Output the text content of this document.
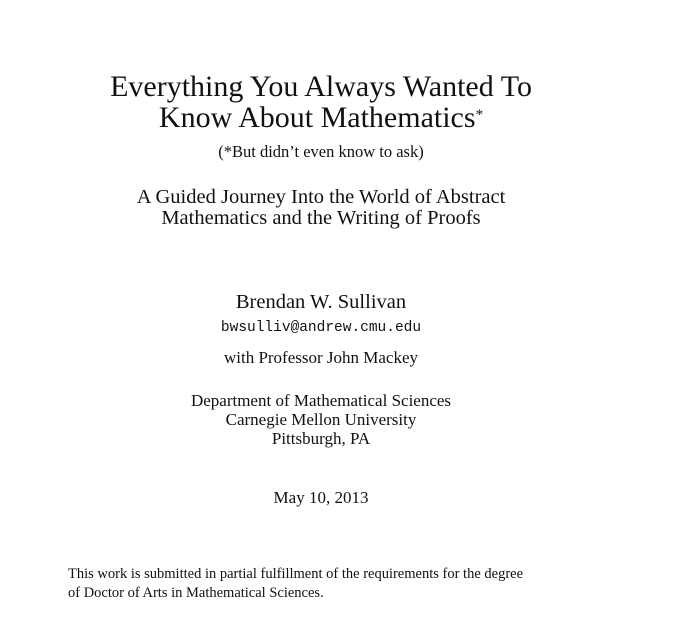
Everything You Always Wanted To
Know About Mathematics*
(*But didn’t even know to ask)
A Guided Journey Into the World of Abstract
Mathematics and the Writing of Proofs
Brendan W. Sullivan
bwsulliv@andrew.cmu.edu
with Professor John Mackey
Department of Mathematical Sciences
Carnegie Mellon University
Pittsburgh, PA
May 10, 2013
This work is submitted in partial fulfillment of the requirements for the degree
of Doctor of Arts in Mathematical Sciences.
